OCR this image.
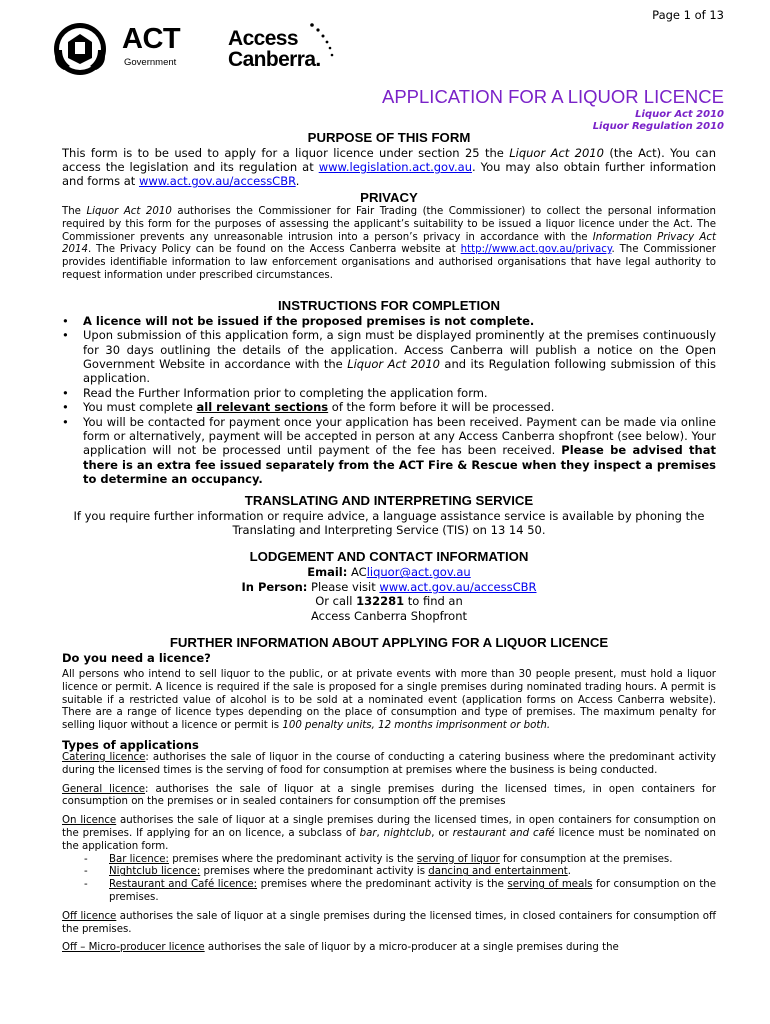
Page 1 of 13
ACT
Government
Access
Canberra.
APPLICATION FOR A LIQUOR LICENCE
Liquor Act 2010
Liquor Regulation 2010
PURPOSE OF THIS FORM

This form is to be used to apply for a liquor licence under section 25 the Liquor Act 2010 (the Act). You can access the legislation and its regulation at www.legislation.act.gov.au. You may also obtain further information and forms at www.act.gov.au/accessCBR.

PRIVACY

The Liquor Act 2010 authorises the Commissioner for Fair Trading (the Commissioner) to collect the personal information required by this form for the purposes of assessing the applicant’s suitability to be issued a liquor licence under the Act. The Commissioner prevents any unreasonable intrusion into a person’s privacy in accordance with the Information Privacy Act 2014. The Privacy Policy can be found on the Access Canberra website at http://www.act.gov.au/privacy. The Commissioner provides identifiable information to law enforcement organisations and authorised organisations that have legal authority to request information under prescribed circumstances.

INSTRUCTIONS FOR COMPLETION
• A licence will not be issued if the proposed premises is not complete.
• Upon submission of this application form, a sign must be displayed prominently at the premises continuously for 30 days outlining the details of the application. Access Canberra will publish a notice on the Open Government Website in accordance with the Liquor Act 2010 and its Regulation following submission of this application.
• Read the Further Information prior to completing the application form.
• You must complete all relevant sections of the form before it will be processed.
• You will be contacted for payment once your application has been received. Payment can be made via online form or alternatively, payment will be accepted in person at any Access Canberra shopfront (see below). Your application will not be processed until payment of the fee has been received. Please be advised that there is an extra fee issued separately from the ACT Fire & Rescue when they inspect a premises to determine an occupancy.
TRANSLATING AND INTERPRETING SERVICE
If you require further information or require advice, a language assistance service is available by phoning the Translating and Interpreting Service (TIS) on 13 14 50.
LODGEMENT AND CONTACT INFORMATION
Email: ACliquor@act.gov.au
In Person: Please visit www.act.gov.au/accessCBR
Or call 132281 to find an
Access Canberra Shopfront
FURTHER INFORMATION ABOUT APPLYING FOR A LIQUOR LICENCE
Do you need a licence?

All persons who intend to sell liquor to the public, or at private events with more than 30 people present, must hold a liquor licence or permit. A licence is required if the sale is proposed for a single premises during nominated trading hours. A permit is suitable if a restricted value of alcohol is to be sold at a nominated event (application forms on Access Canberra website). There are a range of licence types depending on the place of consumption and type of premises. The maximum penalty for selling liquor without a licence or permit is 100 penalty units, 12 months imprisonment or both.

Types of applications

Catering licence: authorises the sale of liquor in the course of conducting a catering business where the predominant activity during the licensed times is the serving of food for consumption at premises where the business is being conducted.

General licence: authorises the sale of liquor at a single premises during the licensed times, in open containers for consumption on the premises or in sealed containers for consumption off the premises

On licence authorises the sale of liquor at a single premises during the licensed times, in open containers for consumption on the premises. If applying for an on licence, a subclass of bar, nightclub, or restaurant and café licence must be nominated on the application form.

- Bar licence: premises where the predominant activity is the serving of liquor for consumption at the premises.
- Nightclub licence: premises where the predominant activity is dancing and entertainment.
- Restaurant and Café licence: premises where the predominant activity is the serving of meals for consumption on the premises.

Off licence authorises the sale of liquor at a single premises during the licensed times, in closed containers for consumption off the premises.

Off – Micro-producer licence authorises the sale of liquor by a micro-producer at a single premises during the
